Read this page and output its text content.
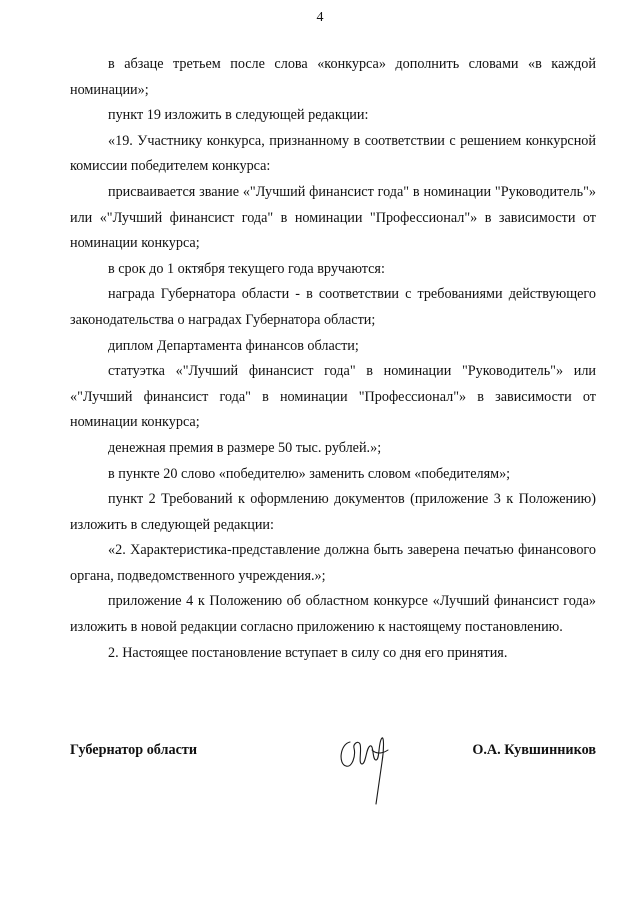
4

в абзаце третьем после слова «конкурса» дополнить словами «в каждой номинации»;

пункт 19 изложить в следующей редакции:

«19. Участнику конкурса, признанному в соответствии с решением конкурсной комиссии победителем конкурса:

присваивается звание «"Лучший финансист года" в номинации "Руководитель"» или «"Лучший финансист года" в номинации "Профессионал"» в зависимости от номинации конкурса;

в срок до 1 октября текущего года вручаются:

награда Губернатора области - в соответствии с требованиями действующего законодательства о наградах Губернатора области;

диплом Департамента финансов области;

статуэтка «"Лучший финансист года" в номинации "Руководитель"» или «"Лучший финансист года" в номинации "Профессионал"» в зависимости от номинации конкурса;

денежная премия в размере 50 тыс. рублей.»;

в пункте 20 слово «победителю» заменить словом «победителям»;

пункт 2 Требований к оформлению документов (приложение 3 к Положению) изложить в следующей редакции:

«2. Характеристика-представление должна быть заверена печатью финансового органа, подведомственного учреждения.»;

приложение 4 к Положению об областном конкурсе «Лучший финансист года» изложить в новой редакции согласно приложению к настоящему постановлению.

2. Настоящее постановление вступает в силу со дня его принятия.

Губернатор области	О.А. Кувшинников
